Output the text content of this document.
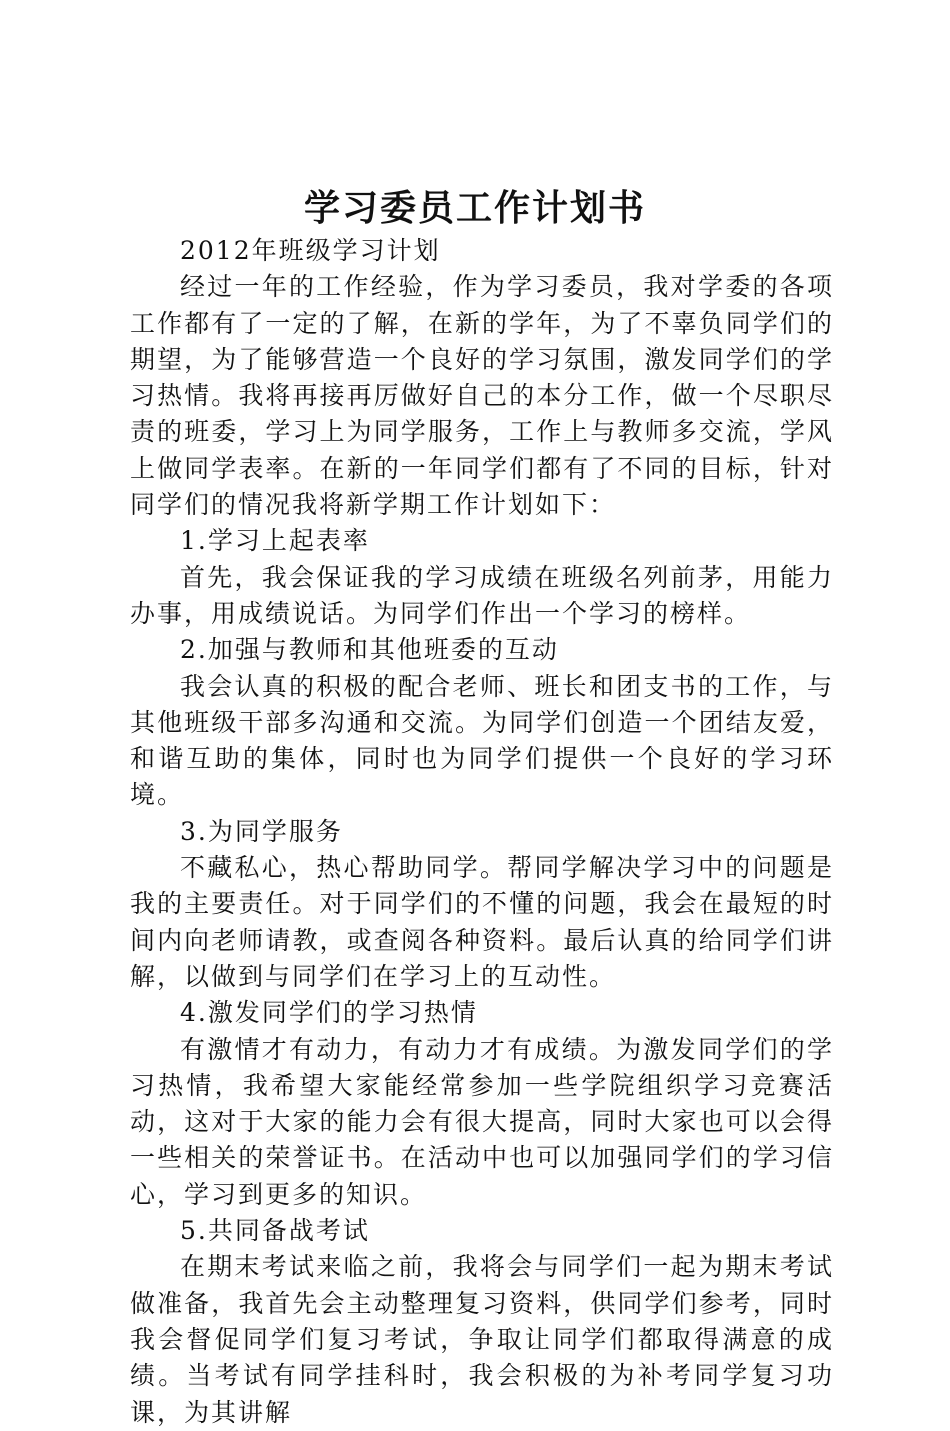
学习委员工作计划书

2012年班级学习计划

经过一年的工作经验，作为学习委员，我对学委的各项工作都有了一定的了解，在新的学年，为了不辜负同学们的期望，为了能够营造一个良好的学习氛围，激发同学们的学习热情。我将再接再厉做好自己的本分工作，做一个尽职尽责的班委，学习上为同学服务，工作上与教师多交流，学风上做同学表率。在新的一年同学们都有了不同的目标，针对同学们的情况我将新学期工作计划如下：

1.学习上起表率

首先，我会保证我的学习成绩在班级名列前茅，用能力办事，用成绩说话。为同学们作出一个学习的榜样。

2.加强与教师和其他班委的互动

我会认真的积极的配合老师、班长和团支书的工作，与其他班级干部多沟通和交流。为同学们创造一个团结友爱，和谐互助的集体，同时也为同学们提供一个良好的学习环境。

3.为同学服务

不藏私心，热心帮助同学。帮同学解决学习中的问题是我的主要责任。对于同学们的不懂的问题，我会在最短的时间内向老师请教，或查阅各种资料。最后认真的给同学们讲解，以做到与同学们在学习上的互动性。

4.激发同学们的学习热情

有激情才有动力，有动力才有成绩。为激发同学们的学习热情，我希望大家能经常参加一些学院组织学习竞赛活动，这对于大家的能力会有很大提高，同时大家也可以会得一些相关的荣誉证书。在活动中也可以加强同学们的学习信心，学习到更多的知识。

5.共同备战考试

在期末考试来临之前，我将会与同学们一起为期末考试做准备，我首先会主动整理复习资料，供同学们参考，同时我会督促同学们复习考试，争取让同学们都取得满意的成绩。当考试有同学挂科时，我会积极的为补考同学复习功课，为其讲解
